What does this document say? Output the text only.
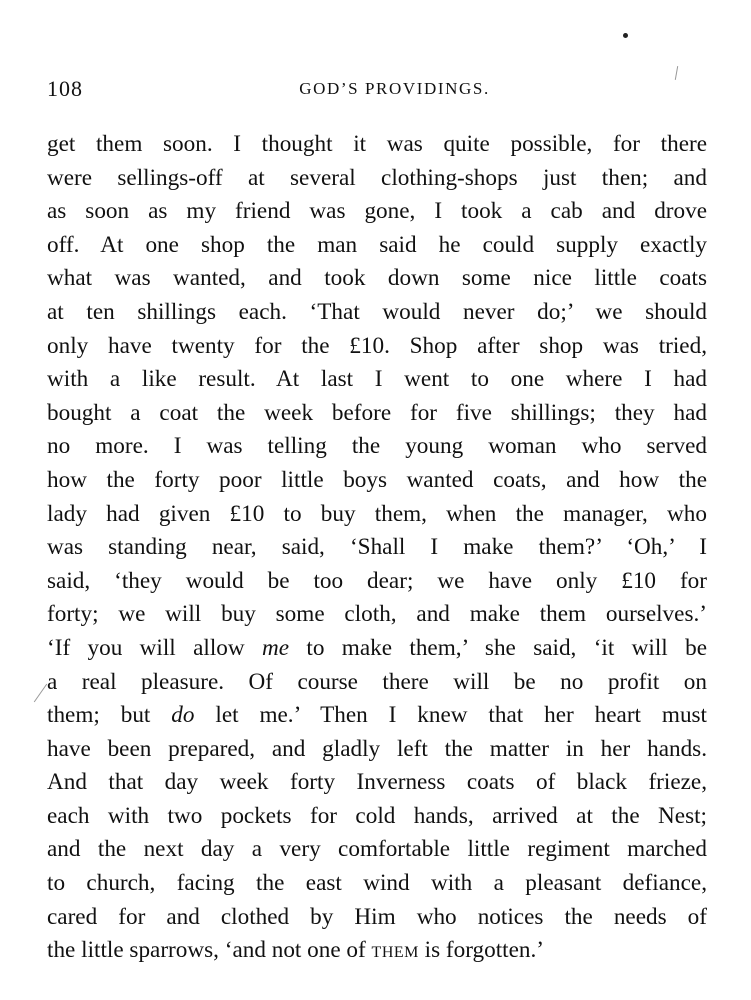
108	GOD’S PROVIDINGS.
get them soon. I thought it was quite possible, for there
were sellings-off at several clothing-shops just then; and
as soon as my friend was gone, I took a cab and drove
off. At one shop the man said he could supply exactly
what was wanted, and took down some nice little coats
at ten shillings each. ‘That would never do;’ we should
only have twenty for the £10. Shop after shop was tried,
with a like result. At last I went to one where I had
bought a coat the week before for five shillings; they had
no more. I was telling the young woman who served
how the forty poor little boys wanted coats, and how the
lady had given £10 to buy them, when the manager, who
was standing near, said, ‘Shall I make them?’ ‘Oh,’ I
said, ‘they would be too dear; we have only £10 for
forty; we will buy some cloth, and make them ourselves.’
‘If you will allow me to make them,’ she said, ‘it will be
a real pleasure. Of course there will be no profit on
them; but do let me.’ Then I knew that her heart must
have been prepared, and gladly left the matter in her hands.
And that day week forty Inverness coats of black frieze,
each with two pockets for cold hands, arrived at the Nest;
and the next day a very comfortable little regiment marched
to church, facing the east wind with a pleasant defiance,
cared for and clothed by Him who notices the needs of
the little sparrows, ‘and not one of them is forgotten.’
